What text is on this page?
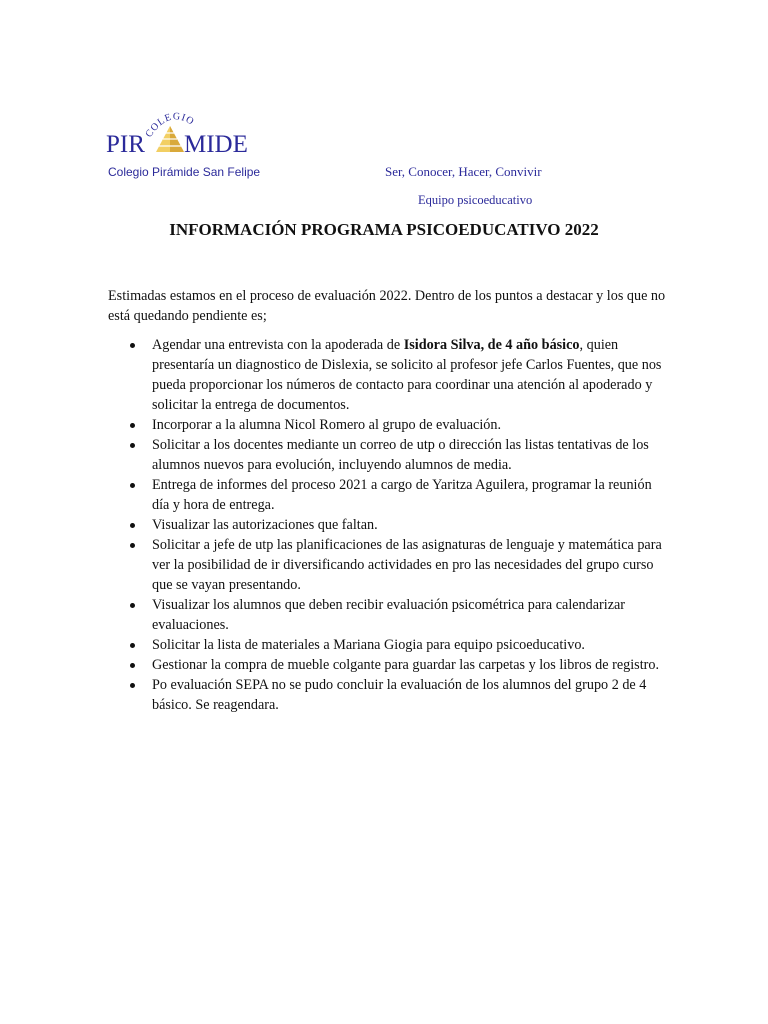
COLEGIO
PIR MIDE
Colegio Pirámide San Felipe	Ser, Conocer, Hacer, Convivir
Equipo psicoeducativo
INFORMACIÓN PROGRAMA PSICOEDUCATIVO 2022
Estimadas estamos en el proceso de evaluación 2022. Dentro de los puntos a destacar y los que no está quedando pendiente es;
Agendar una entrevista con la apoderada de Isidora Silva, de 4 año básico, quien presentaría un diagnostico de Dislexia, se solicito al profesor jefe Carlos Fuentes, que nos pueda proporcionar los números de contacto para coordinar una atención al apoderado y solicitar la entrega de documentos.
Incorporar a la alumna Nicol Romero al grupo de evaluación.
Solicitar a los docentes mediante un correo de utp o dirección las listas tentativas de los alumnos nuevos para evolución, incluyendo alumnos de media.
Entrega de informes del proceso 2021 a cargo de Yaritza Aguilera, programar la reunión día y hora de entrega.
Visualizar las autorizaciones que faltan.
Solicitar a jefe de utp las planificaciones de las asignaturas de lenguaje y matemática para ver la posibilidad de ir diversificando actividades en pro las necesidades del grupo curso que se vayan presentando.
Visualizar los alumnos que deben recibir evaluación psicométrica para calendarizar evaluaciones.
Solicitar la lista de materiales a Mariana Giogia para equipo psicoeducativo.
Gestionar la compra de mueble colgante para guardar las carpetas y los libros de registro.
Po evaluación SEPA no se pudo concluir la evaluación de los alumnos del grupo 2 de 4 básico. Se reagendara.
